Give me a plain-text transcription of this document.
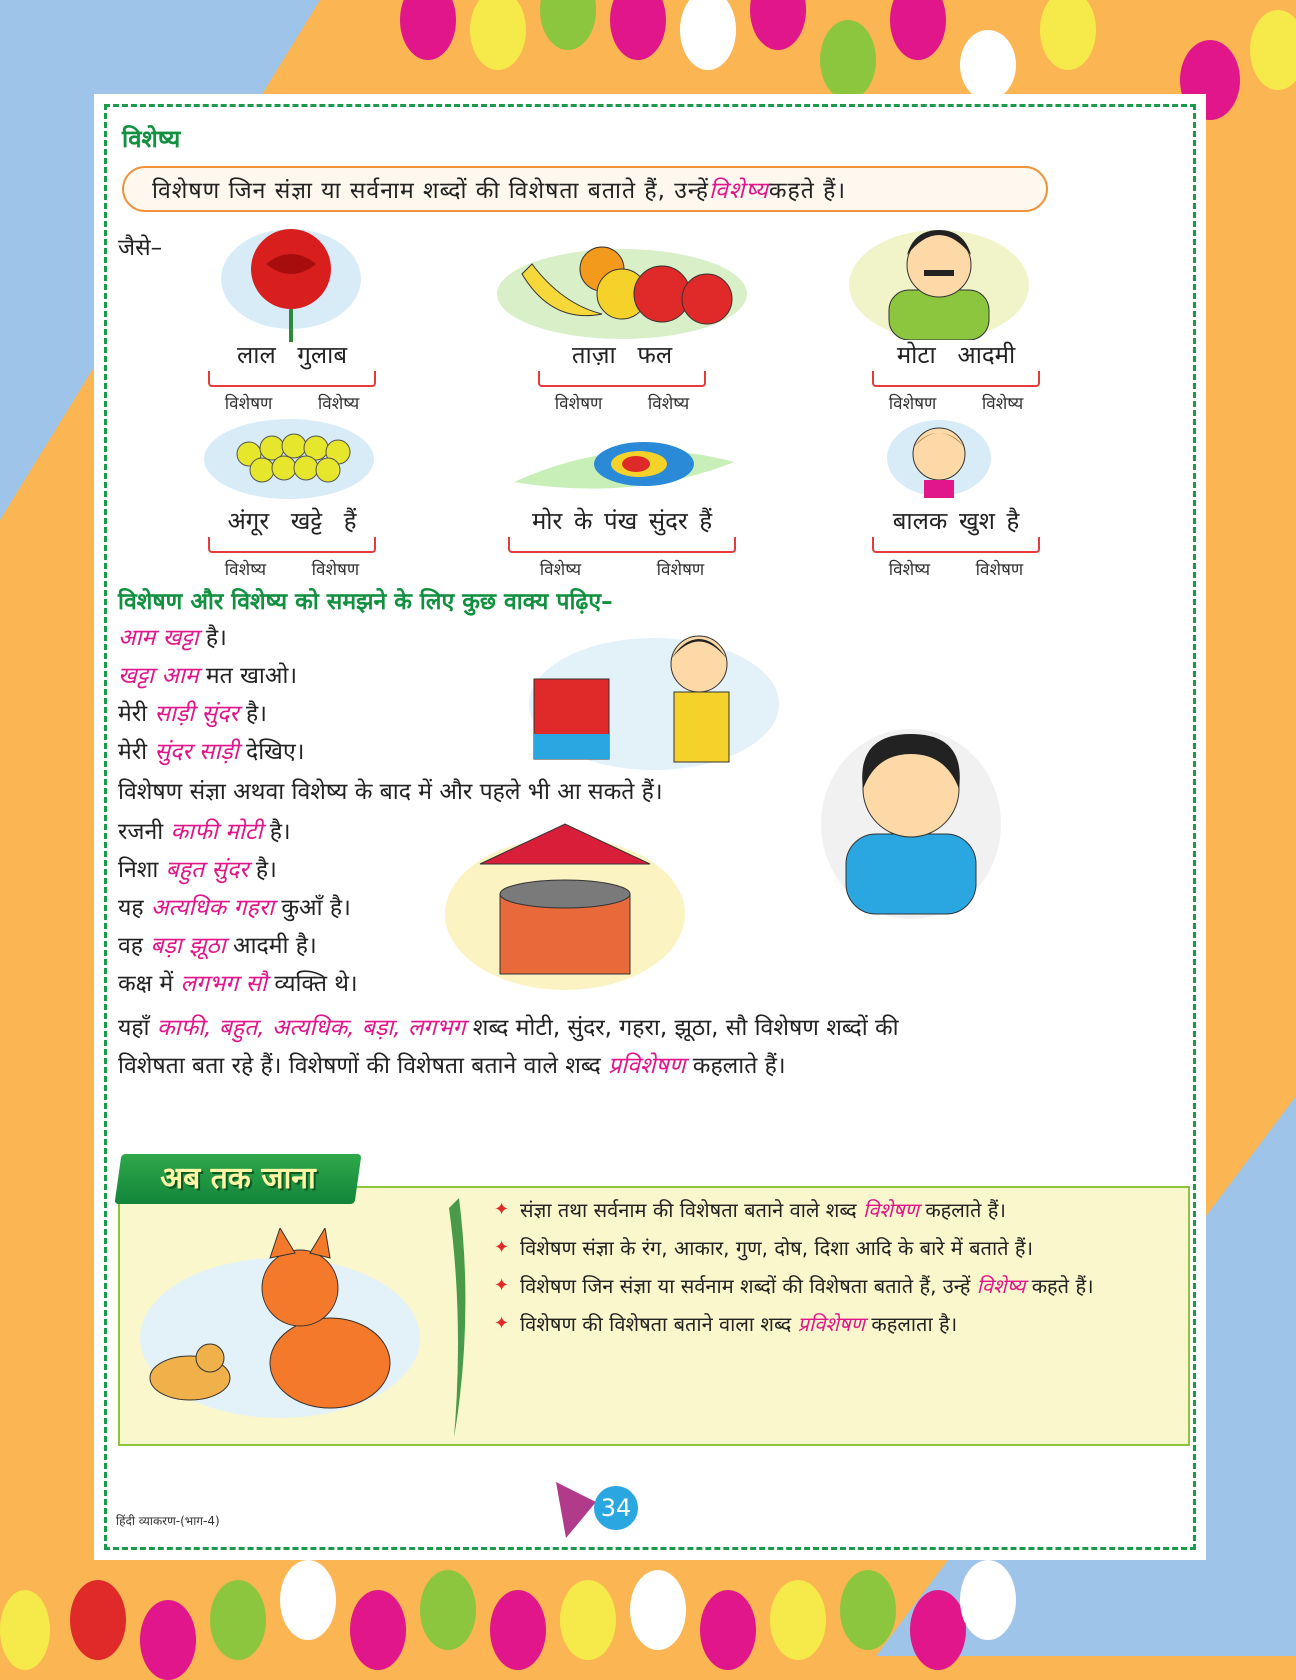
विशेष्य
विशेषण जिन संज्ञा या सर्वनाम शब्दों की विशेषता बताते हैं, उन्हें विशेष्य कहते हैं।
जैसे–
लाल गुलाब
विशेषण	विशेष्य
ताज़ा फल
विशेषण	विशेष्य
मोटा आदमी
विशेषण	विशेष्य
अंगूर खट्टे हैं
विशेष्य	विशेषण
मोर के पंख सुंदर हैं
विशेष्य	विशेषण
बालक खुश है
विशेष्य	विशेषण
विशेषण और विशेष्य को समझने के लिए कुछ वाक्य पढ़िए–
आम खट्टा है।
खट्टा आम मत खाओ।
मेरी साड़ी सुंदर है।
मेरी सुंदर साड़ी देखिए।
विशेषण संज्ञा अथवा विशेष्य के बाद में और पहले भी आ सकते हैं।
रजनी काफी मोटी है।
निशा बहुत सुंदर है।
यह अत्यधिक गहरा कुआँ है।
वह बड़ा झूठा आदमी है।
कक्ष में लगभग सौ व्यक्ति थे।
यहाँ काफी, बहुत, अत्यधिक, बड़ा, लगभग शब्द मोटी, सुंदर, गहरा, झूठा, सौ विशेषण शब्दों की
विशेषता बता रहे हैं। विशेषणों की विशेषता बताने वाले शब्द प्रविशेषण कहलाते हैं।
अब तक जाना
✦ संज्ञा तथा सर्वनाम की विशेषता बताने वाले शब्द विशेषण कहलाते हैं।
✦ विशेषण संज्ञा के रंग, आकार, गुण, दोष, दिशा आदि के बारे में बताते हैं।
✦ विशेषण जिन संज्ञा या सर्वनाम शब्दों की विशेषता बताते हैं, उन्हें विशेष्य कहते हैं।
✦ विशेषण की विशेषता बताने वाला शब्द प्रविशेषण कहलाता है।
34
हिंदी व्याकरण-(भाग-4)
